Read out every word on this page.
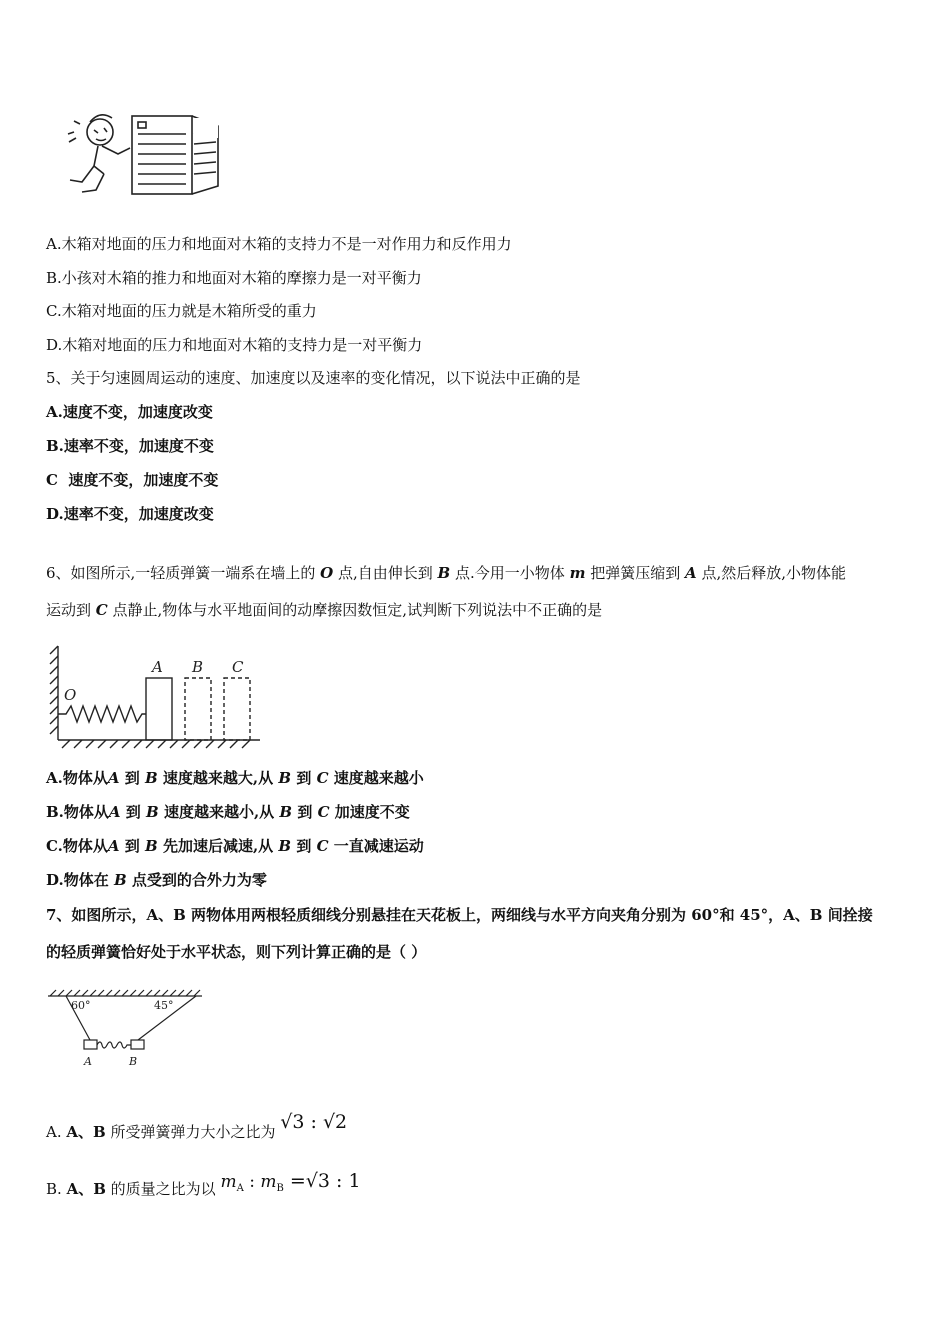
A.木箱对地面的压力和地面对木箱的支持力不是一对作用力和反作用力
B.小孩对木箱的推力和地面对木箱的摩擦力是一对平衡力
C.木箱对地面的压力就是木箱所受的重力
D.木箱对地面的压力和地面对木箱的支持力是一对平衡力
5、关于匀速圆周运动的速度、加速度以及速率的变化情况，以下说法中正确的是
A.速度不变，加速度改变
B.速率不变，加速度不变
C  速度不变，加速度不变
D.速率不变，加速度改变
6、如图所示,一轻质弹簧一端系在墙上的 O 点,自由伸长到 B 点.今用一小物体 m 把弹簧压缩到 A 点,然后释放,小物体能
运动到 C 点静止,物体与水平地面间的动摩擦因数恒定,试判断下列说法中不正确的是
O
A B C
A.物体从A 到 B 速度越来越大,从 B 到 C 速度越来越小
B.物体从A 到 B 速度越来越小,从 B 到 C 加速度不变
C.物体从A 到 B 先加速后减速,从 B 到 C 一直减速运动
D.物体在 B 点受到的合外力为零
7、如图所示，A、B 两物体用两根轻质细线分别悬挂在天花板上，两细线与水平方向夹角分别为 60°和 45°，A、B 间拴接
的轻质弹簧恰好处于水平状态，则下列计算正确的是（ ）
60°	45°
A	B
A. A、B 所受弹簧弹力大小之比为 √3 : √2
B. A、B 的质量之比为以 $m_A$ : $m_B =√3$ : 1
